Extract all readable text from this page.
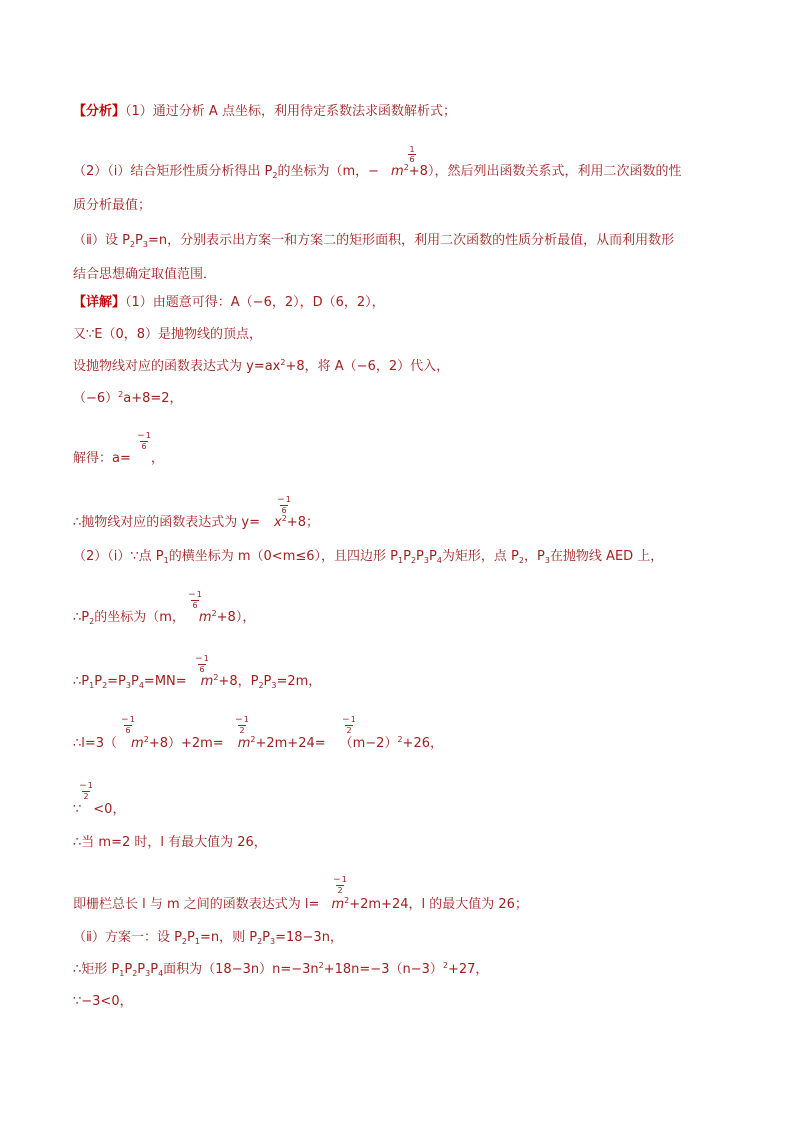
【分析】（1）通过分析 A 点坐标，利用待定系数法求函数解析式；
1
6
（2）（ⅰ）结合矩形性质分析得出 $P_2$的坐标为（m，− $m^2+8$），然后列出函数关系式，利用二次函数的性
质分析最值；
（ⅱ）设 $P_2P_3=n$，分别表示出方案一和方案二的矩形面积，利用二次函数的性质分析最值，从而利用数形
结合思想确定取值范围．
【详解】（1）由题意可得：A（−6，2），D（6，2），
又∵E（0，8）是抛物线的顶点，
设抛物线对应的函数表达式为 $y=ax^2+8$，将 A（−6，2）代入，
$(-6)^2a+8=2$，
−1
6
解得：a= ，
−1
6
∴抛物线对应的函数表达式为 $y= x^2+8$；
（2）（ⅰ）∵点 $P_1$的横坐标为 m（0<m≤6），且四边形 $P_1P_2P_3P_4$为矩形，点 $P_2$，$P_3$在抛物线 AED 上，
−1
6
$\therefore P_2$的坐标为（m， $m^2+8$），
−1
6
$\therefore P_1P_2=P_3P_4=MN= m^2+8$，$P_2P_3=2m$，
−1
6
−1
2
−1
2
∴l=3（ $m^2+8)+2m= m^2+2m+24= (m-2)^2+26$，
−1
2
∵ <0，
∴当 m=2 时，l 有最大值为 26，
−1
2
即栅栏总长 l 与 m 之间的函数表达式为 $l= m^2+2m+24$，l 的最大值为 26；
（ⅱ）方案一：设 $P_2P_1=n$，则 $P_2P_3=18-3n$，
∴矩形 $P_1P_2P_3P_4$面积为$(18-3n)n=-3n^2+18n=-3(n-3)^2+27$，
∵−3<0，
